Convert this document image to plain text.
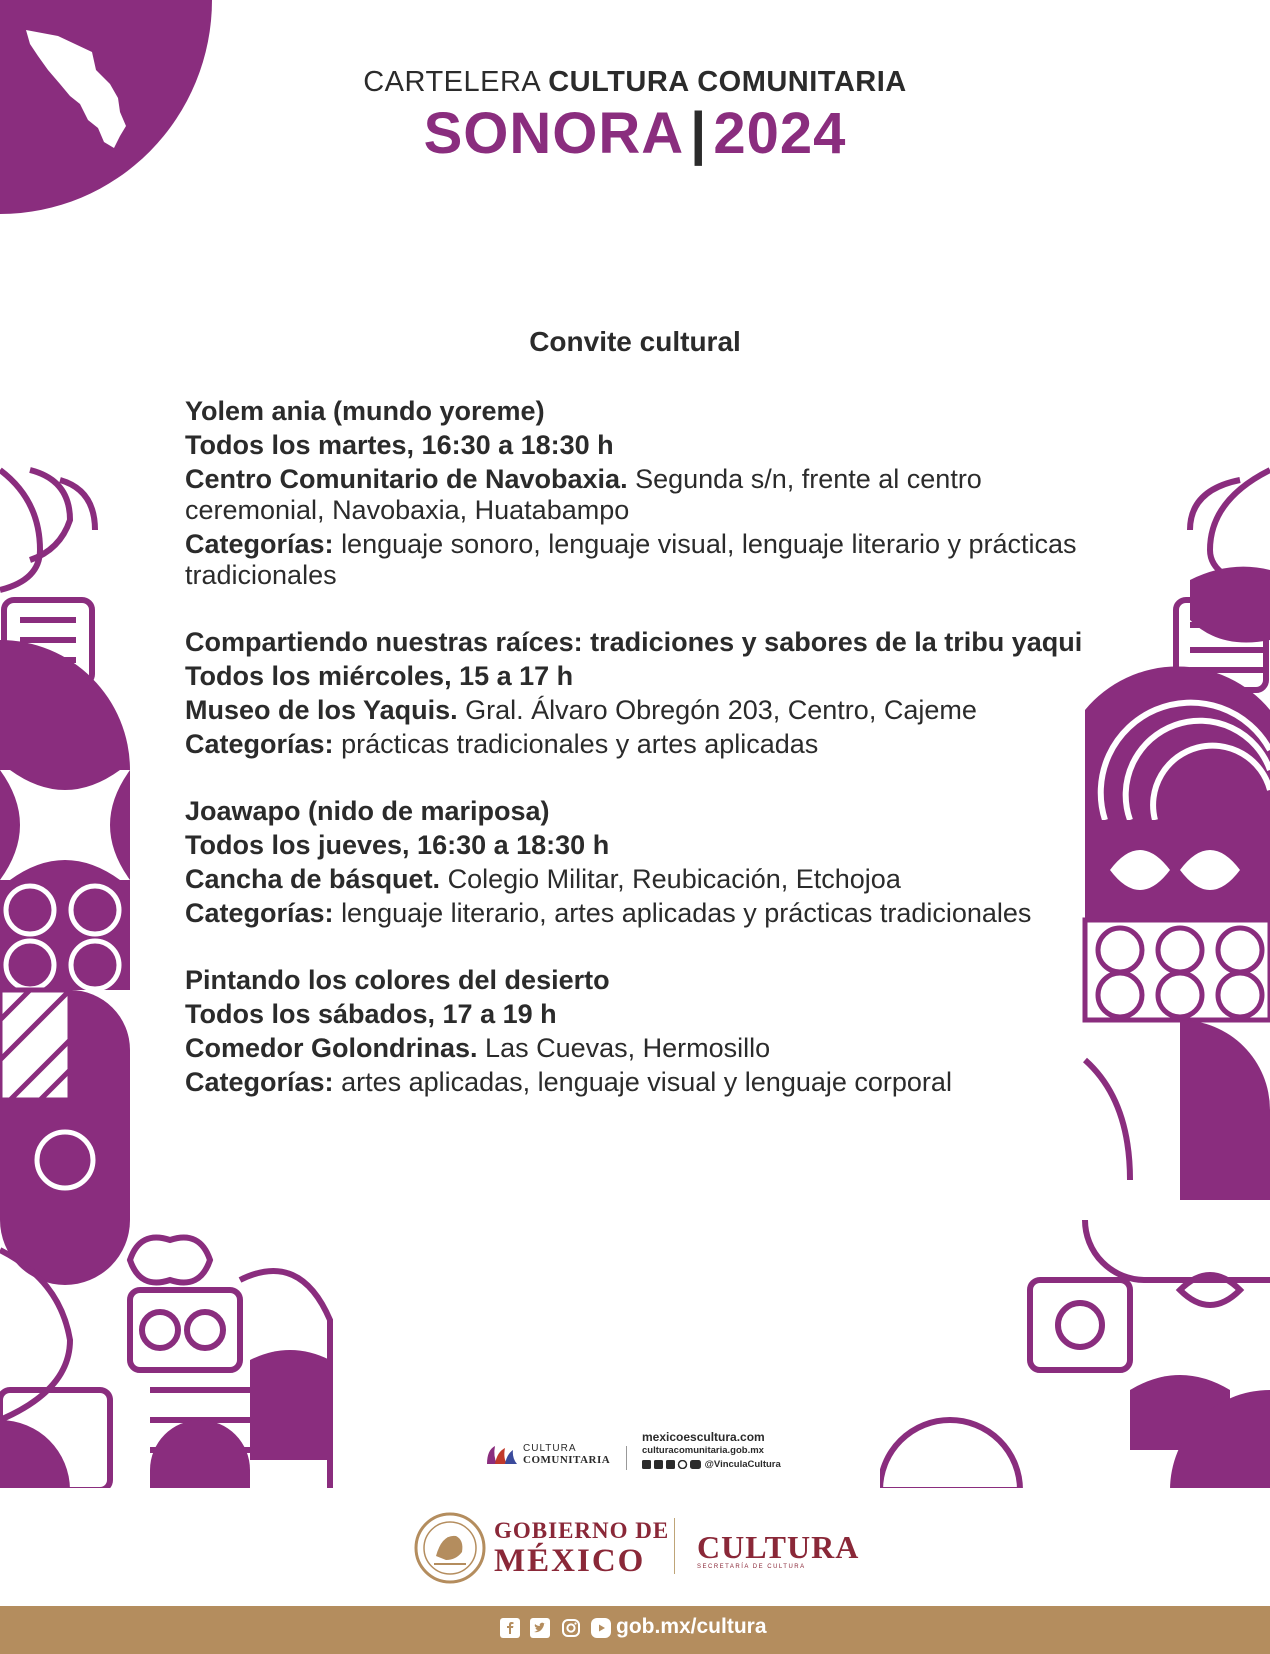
CARTELERA CULTURA COMUNITARIA
SONORA | 2024
Convite cultural
Yolem ania (mundo yoreme)
Todos los martes, 16:30 a 18:30 h
Centro Comunitario de Navobaxia. Segunda s/n, frente al centro ceremonial, Navobaxia, Huatabampo
Categorías: lenguaje sonoro, lenguaje visual, lenguaje literario y prácticas tradicionales
Compartiendo nuestras raíces: tradiciones y sabores de la tribu yaqui
Todos los miércoles, 15 a 17 h
Museo de los Yaquis. Gral. Álvaro Obregón 203, Centro, Cajeme
Categorías: prácticas tradicionales y artes aplicadas
Joawapo (nido de mariposa)
Todos los jueves, 16:30 a 18:30 h
Cancha de básquet. Colegio Militar, Reubicación, Etchojoa
Categorías: lenguaje literario, artes aplicadas y prácticas tradicionales
Pintando los colores del desierto
Todos los sábados, 17 a 19 h
Comedor Golondrinas. Las Cuevas, Hermosillo
Categorías: artes aplicadas, lenguaje visual y lenguaje corporal
CULTURA
COMUNITARIA
mexicoescultura.com
culturacomunitaria.gob.mx
@VinculaCultura
GOBIERNO DE
MÉXICO CULTURA
SECRETARÍA DE CULTURA

gob.mx/cultura
